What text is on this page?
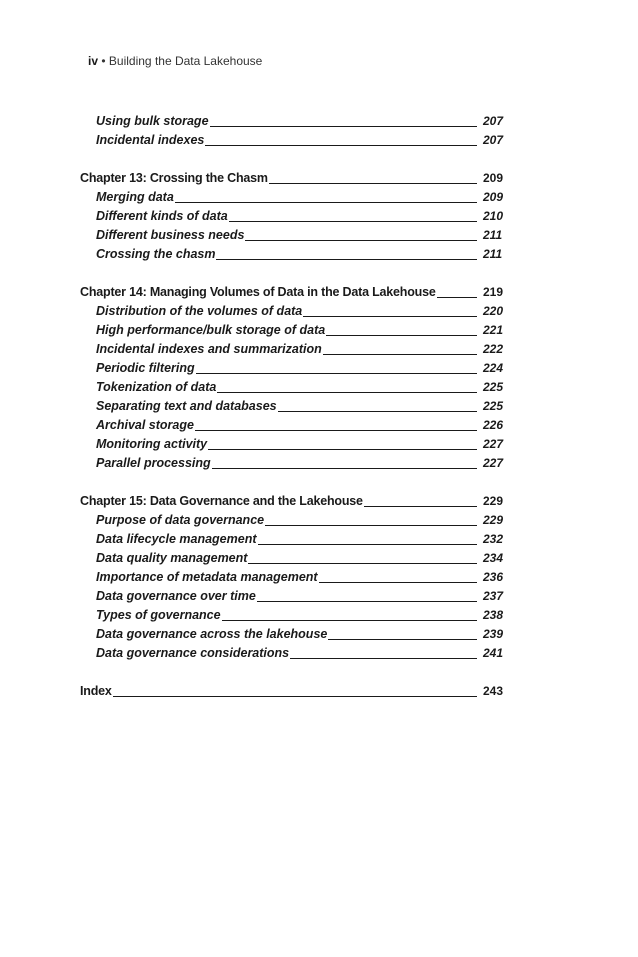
iv • Building the Data Lakehouse
Using bulk storage	207
Incidental indexes	207
Chapter 13: Crossing the Chasm	209
Merging data	209
Different kinds of data	210
Different business needs	211
Crossing the chasm	211
Chapter 14: Managing Volumes of Data in the Data Lakehouse	219
Distribution of the volumes of data	220
High performance/bulk storage of data	221
Incidental indexes and summarization	222
Periodic filtering	224
Tokenization of data	225
Separating text and databases	225
Archival storage	226
Monitoring activity	227
Parallel processing	227
Chapter 15: Data Governance and the Lakehouse	229
Purpose of data governance	229
Data lifecycle management	232
Data quality management	234
Importance of metadata management	236
Data governance over time	237
Types of governance	238
Data governance across the lakehouse	239
Data governance considerations	241
Index	243
